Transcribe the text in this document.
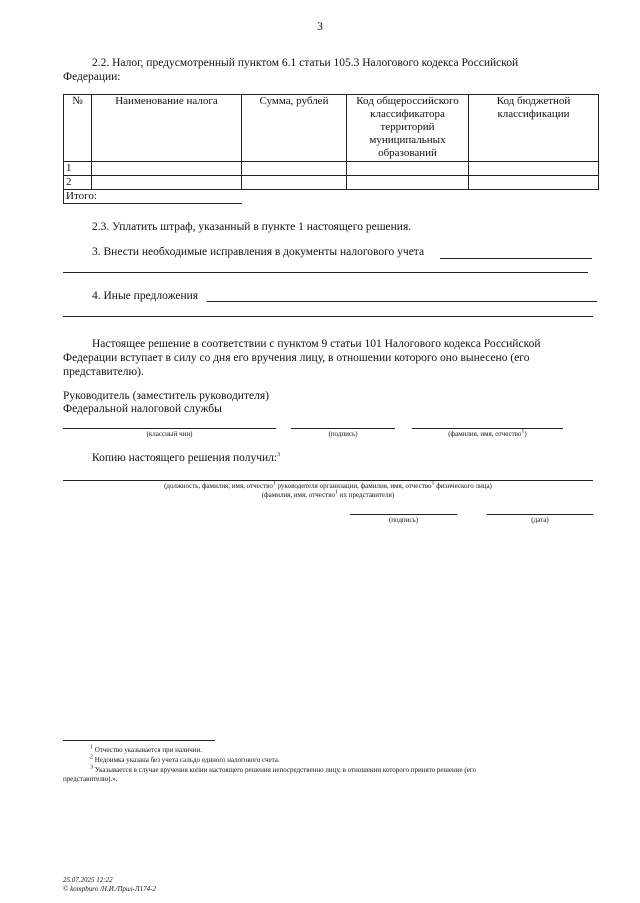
3
2.2. Налог, предусмотренный пунктом 6.1 статьи 105.3 Налогового кодекса Российской
Федерации:
№	Наименование налога	Сумма, рублей	Код общероссийского классификатора территорий муниципальных образований	Код бюджетной классификации
1				
2				
Итого:				
2.3. Уплатить штраф, указанный в пункте 1 настоящего решения.
3. Внести необходимые исправления в документы налогового учета
4. Иные предложения
Настоящее решение в соответствии с пунктом 9 статьи 101 Налогового кодекса Российской
Федерации вступает в силу со дня его вручения лицу, в отношении которого оно вынесено (его
представителю).
Руководитель (заместитель руководителя)
Федеральной налоговой службы
(классный чин)	(подпись)	(фамилия, имя, отчество$^1$)
Копию настоящего решения получил:$^3$
(должность, фамилия, имя, отчество$^1$ руководителя организации, фамилия, имя, отчество$^1$ физического лица)
(фамилия, имя, отчество$^1$ их представителя)
(подпись)	(дата)
$^1$ Отчество указывается при наличии.
$^2$ Недоимка указана без учета сальдо единого налогового счета.
$^3$ Указывается в случае вручения копии настоящего решения непосредственно лицу, в отношении которого принято решение (его
представителю).».
25.07.2025 12:22
© kompburo /Н.И./Прил-Л174-2
